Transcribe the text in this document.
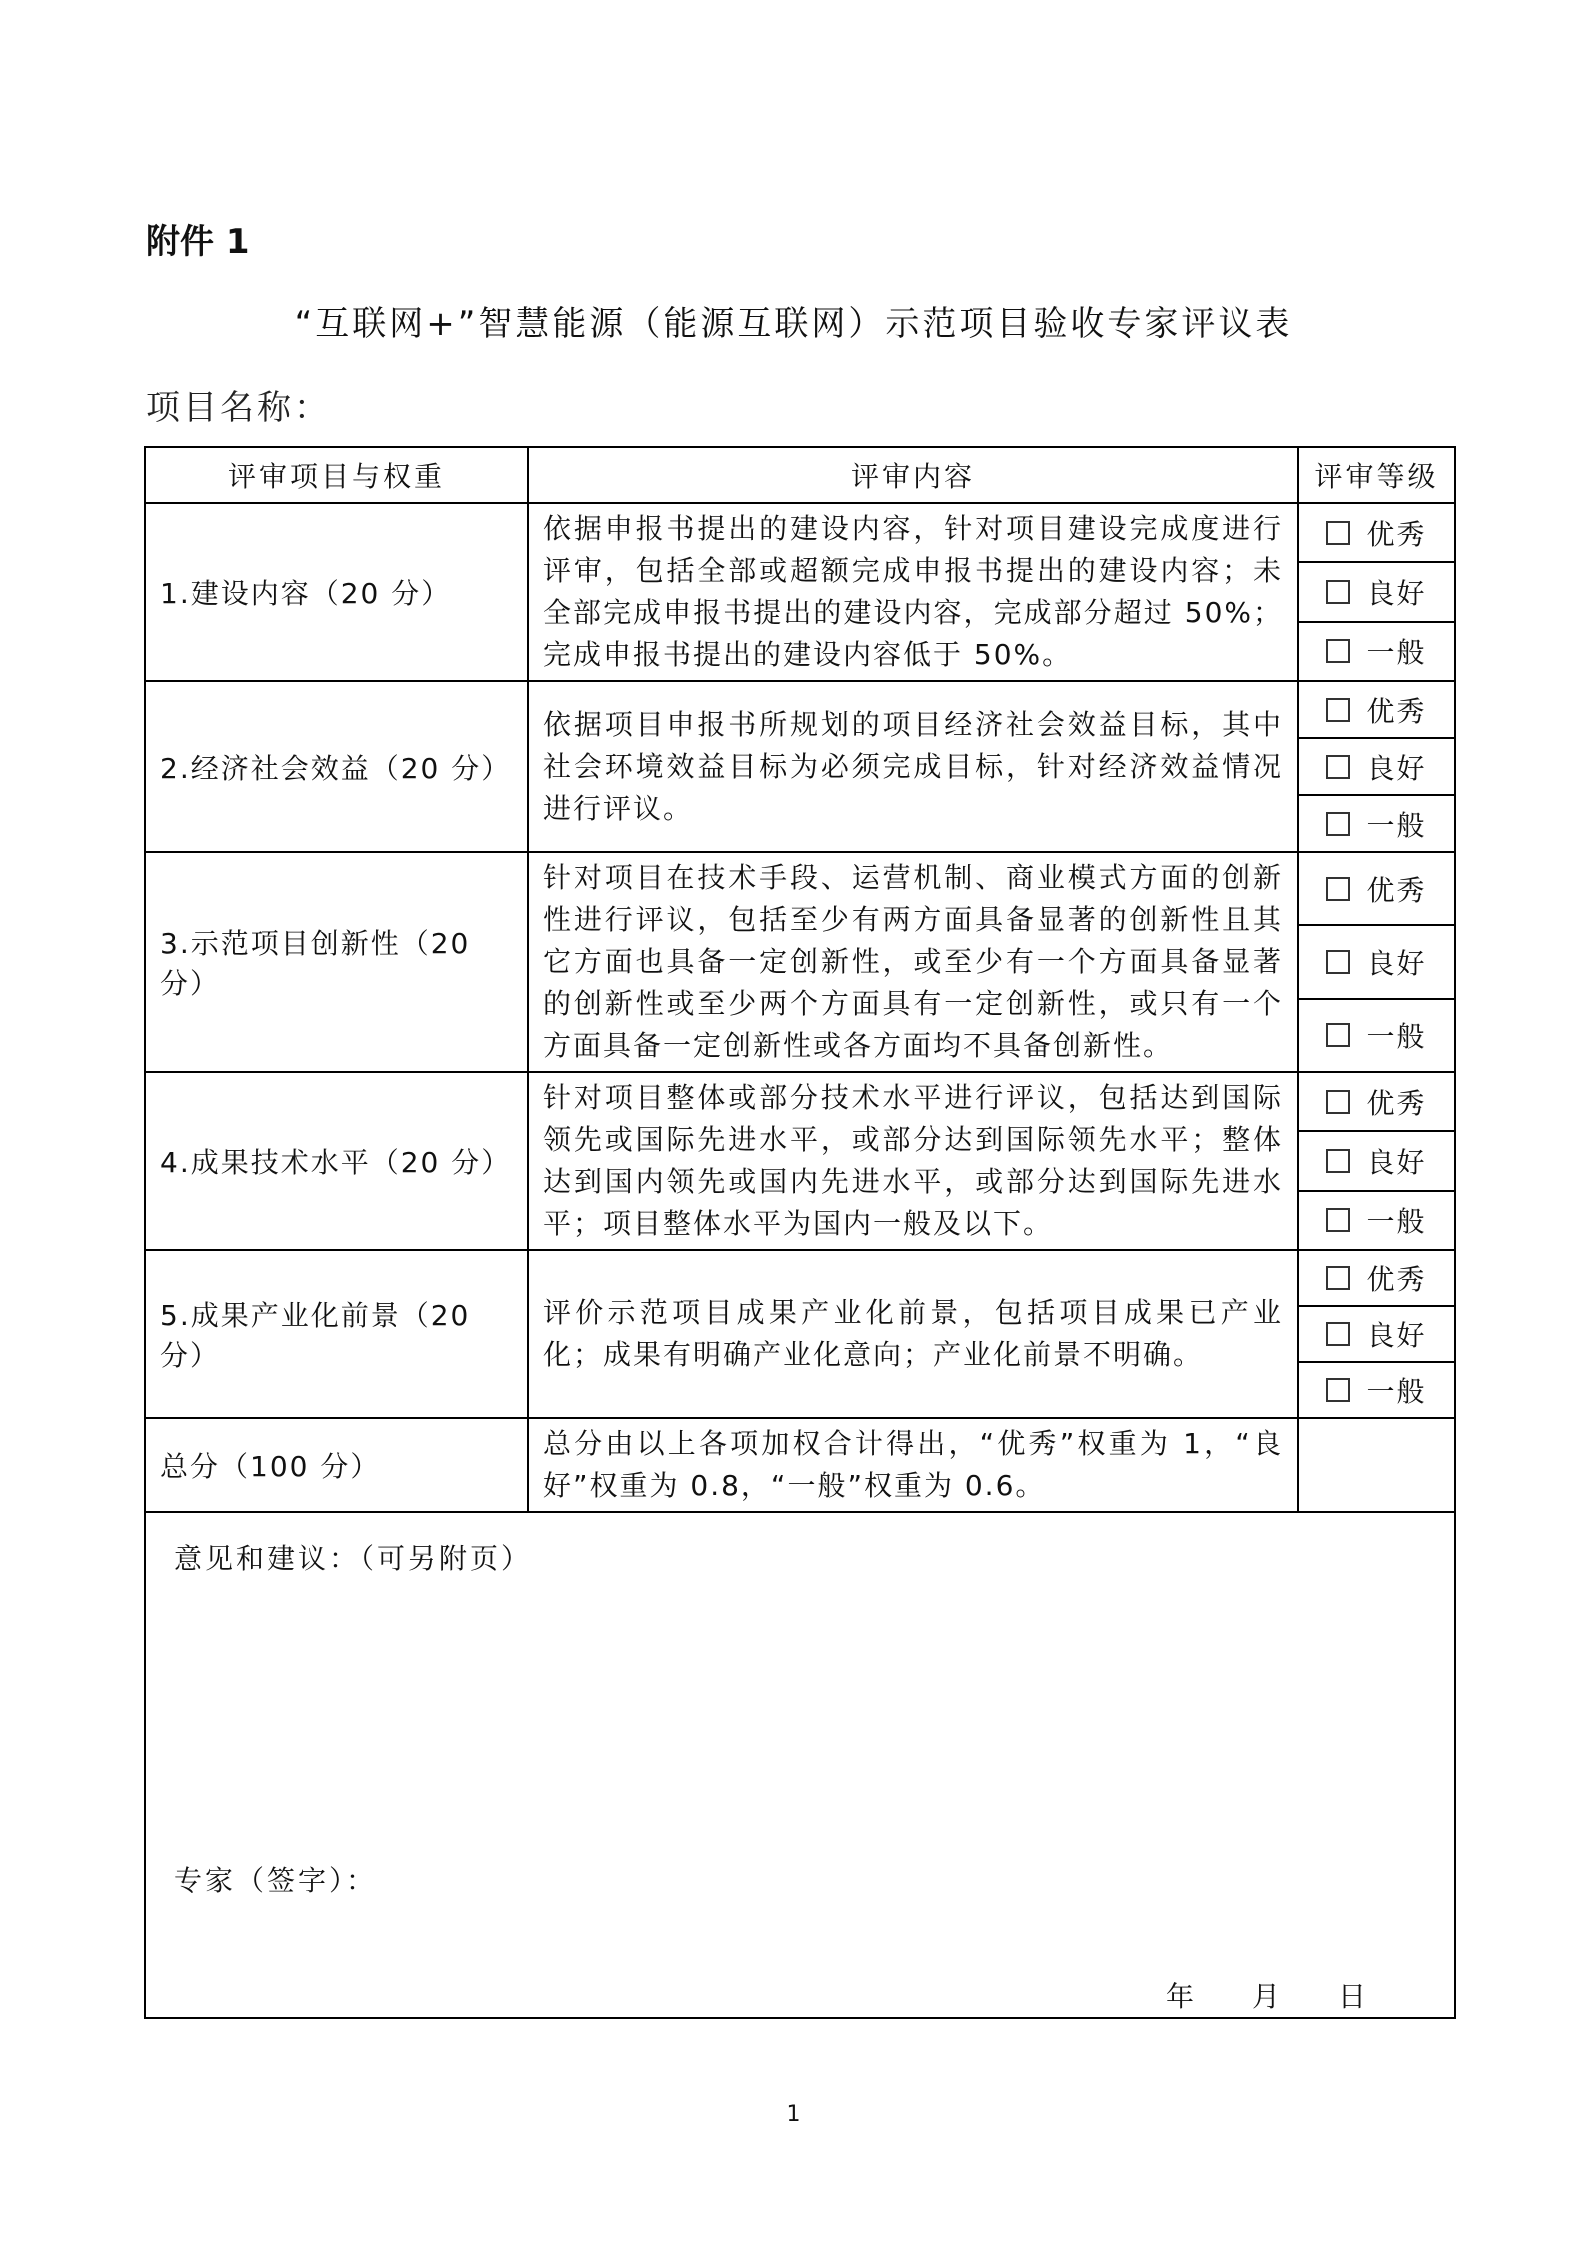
附件 1
“互联网+”智慧能源（能源互联网）示范项目验收专家评议表
项目名称：
评审项目与权重	评审内容	评审等级
1.建设内容（20 分）	依据申报书提出的建设内容，针对项目建设完成度进行评审，包括全部或超额完成申报书提出的建设内容；未全部完成申报书提出的建设内容，完成部分超过 50%；完成申报书提出的建设内容低于 50%。	优秀
		良好
		一般
2.经济社会效益（20 分）	依据项目申报书所规划的项目经济社会效益目标，其中社会环境效益目标为必须完成目标，针对经济效益情况进行评议。	优秀
		良好
		一般
3.示范项目创新性（20 分）	针对项目在技术手段、运营机制、商业模式方面的创新性进行评议，包括至少有两方面具备显著的创新性且其它方面也具备一定创新性，或至少有一个方面具备显著的创新性或至少两个方面具有一定创新性，或只有一个方面具备一定创新性或各方面均不具备创新性。	优秀
		良好
		一般
4.成果技术水平（20 分）	针对项目整体或部分技术水平进行评议，包括达到国际领先或国际先进水平，或部分达到国际领先水平；整体达到国内领先或国内先进水平，或部分达到国际先进水平；项目整体水平为国内一般及以下。	优秀
		良好
		一般
5.成果产业化前景（20 分）	评价示范项目成果产业化前景，包括项目成果已产业化；成果有明确产业化意向；产业化前景不明确。	优秀
		良好
		一般
总分（100 分）	总分由以上各项加权合计得出，“优秀”权重为 1，“良好”权重为 0.8，“一般”权重为 0.6。	

意见和建议：（可另附页）
专家（签字）：
年 月 日		
1
